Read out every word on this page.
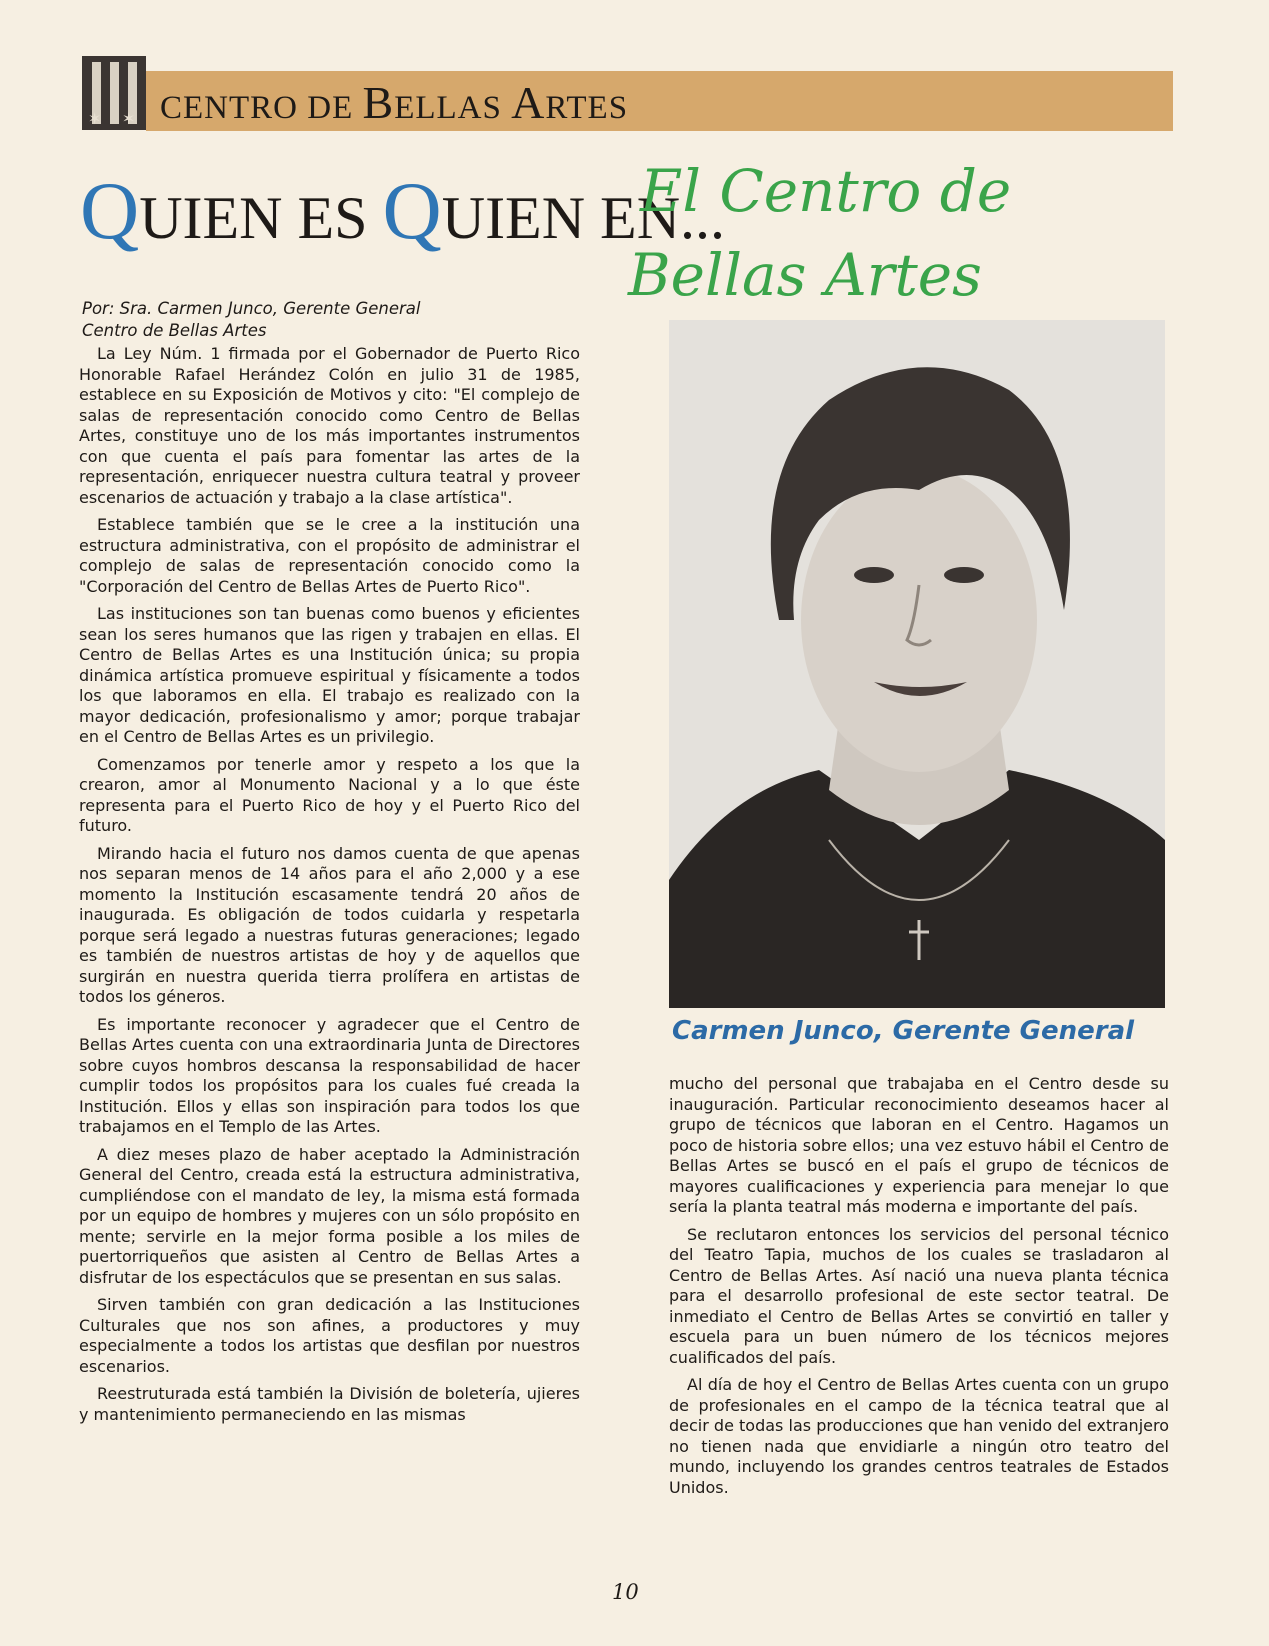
✶ ✶ CENTRO DE BELLAS ARTES
QUIEN ES QUIEN EN...
El Centro de
Bellas Artes
Por: Sra. Carmen Junco, Gerente General
Centro de Bellas Artes

La Ley Núm. 1 firmada por el Gobernador de Puerto Rico Honorable Rafael Herández Colón en julio 31 de 1985, establece en su Exposición de Motivos y cito: "El complejo de salas de representación conocido como Centro de Bellas Artes, constituye uno de los más importantes instrumentos con que cuenta el país para fomentar las artes de la representación, enriquecer nuestra cultura teatral y proveer escenarios de actuación y trabajo a la clase artística".

Establece también que se le cree a la institución una estructura administrativa, con el propósito de administrar el complejo de salas de representación conocido como la "Corporación del Centro de Bellas Artes de Puerto Rico".

Las instituciones son tan buenas como buenos y eficientes sean los seres humanos que las rigen y trabajen en ellas. El Centro de Bellas Artes es una Institución única; su propia dinámica artística promueve espiritual y físicamente a todos los que laboramos en ella. El trabajo es realizado con la mayor dedicación, profesionalismo y amor; porque trabajar en el Centro de Bellas Artes es un privilegio.

Comenzamos por tenerle amor y respeto a los que la crearon, amor al Monumento Nacional y a lo que éste representa para el Puerto Rico de hoy y el Puerto Rico del futuro.

Mirando hacia el futuro nos damos cuenta de que apenas nos separan menos de 14 años para el año 2,000 y a ese momento la Institución escasamente tendrá 20 años de inaugurada. Es obligación de todos cuidarla y respetarla porque será legado a nuestras futuras generaciones; legado es también de nuestros artistas de hoy y de aquellos que surgirán en nuestra querida tierra prolífera en artistas de todos los géneros.

Es importante reconocer y agradecer que el Centro de Bellas Artes cuenta con una extraordinaria Junta de Directores sobre cuyos hombros descansa la responsabilidad de hacer cumplir todos los propósitos para los cuales fué creada la Institución. Ellos y ellas son inspiración para todos los que trabajamos en el Templo de las Artes.

A diez meses plazo de haber aceptado la Administración General del Centro, creada está la estructura administrativa, cumpliéndose con el mandato de ley, la misma está formada por un equipo de hombres y mujeres con un sólo propósito en mente; servirle en la mejor forma posible a los miles de puertorriqueños que asisten al Centro de Bellas Artes a disfrutar de los espectáculos que se presentan en sus salas.

Sirven también con gran dedicación a las Instituciones Culturales que nos son afines, a productores y muy especialmente a todos los artistas que desfilan por nuestros escenarios.

Reestruturada está también la División de boletería, ujieres y mantenimiento permaneciendo en las mismas

Carmen Junco, Gerente General

mucho del personal que trabajaba en el Centro desde su inauguración. Particular reconocimiento deseamos hacer al grupo de técnicos que laboran en el Centro. Hagamos un poco de historia sobre ellos; una vez estuvo hábil el Centro de Bellas Artes se buscó en el país el grupo de técnicos de mayores cualificaciones y experiencia para menejar lo que sería la planta teatral más moderna e importante del país.

Se reclutaron entonces los servicios del personal técnico del Teatro Tapia, muchos de los cuales se trasladaron al Centro de Bellas Artes. Así nació una nueva planta técnica para el desarrollo profesional de este sector teatral. De inmediato el Centro de Bellas Artes se convirtió en taller y escuela para un buen número de los técnicos mejores cualificados del país.

Al día de hoy el Centro de Bellas Artes cuenta con un grupo de profesionales en el campo de la técnica teatral que al decir de todas las producciones que han venido del extranjero no tienen nada que envidiarle a ningún otro teatro del mundo, incluyendo los grandes centros teatrales de Estados Unidos.

10
